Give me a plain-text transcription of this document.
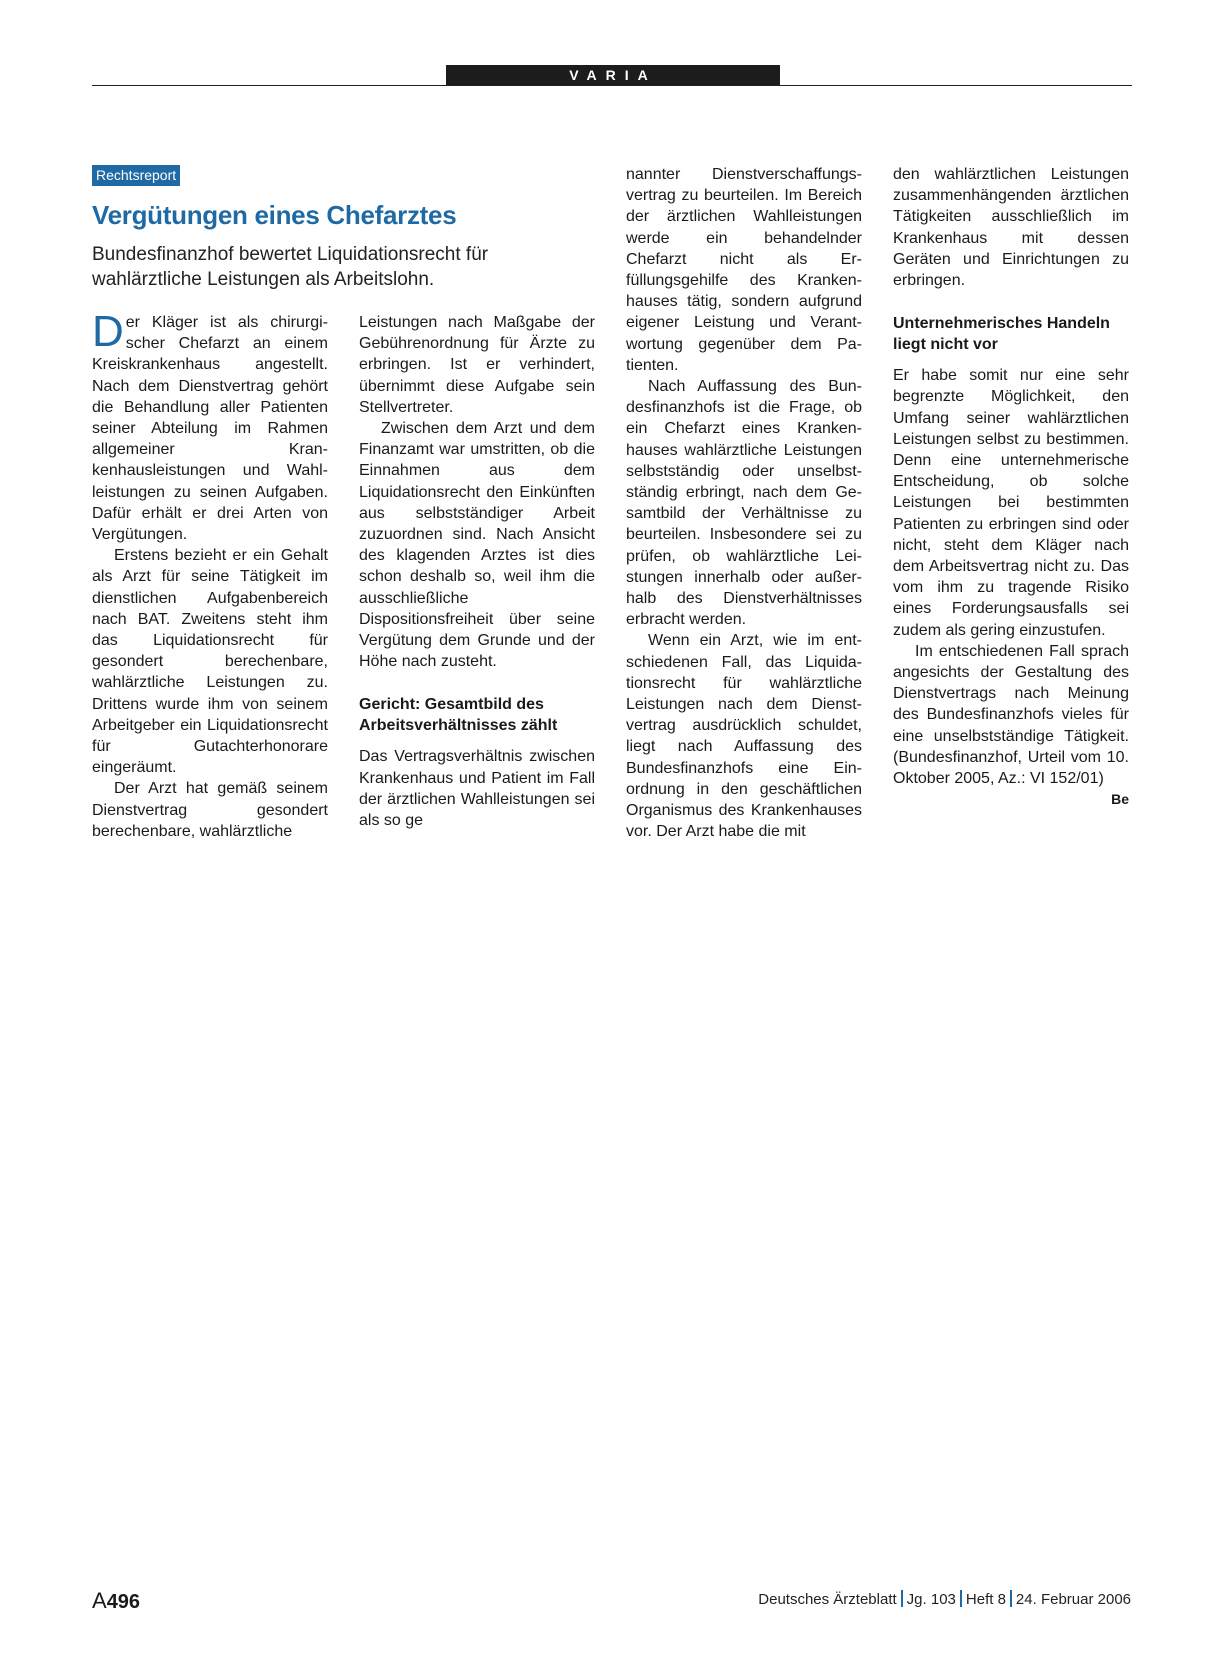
VARIA
Rechtsreport
Vergütungen eines Chefarztes

Bundesfinanzhof bewertet Liquidationsrecht für wahlärztliche Leistungen als Arbeitslohn.

Der Kläger ist als chirurgischer Chefarzt an einem Kreiskrankenhaus angestellt. Nach dem Dienstvertrag gehört die Behandlung aller Patienten seiner Abteilung im Rahmen allgemeiner Krankenhausleistungen und Wahlleistungen zu seinen Aufgaben. Dafür erhält er drei Arten von Vergütungen.

Erstens bezieht er ein Gehalt als Arzt für seine Tätigkeit im dienstlichen Aufgabenbereich nach BAT. Zweitens steht ihm das Liquidationsrecht für gesondert berechenbare, wahlärztliche Leistungen zu. Drittens wurde ihm von seinem Arbeitgeber ein Liquidationsrecht für Gutachterhonorare eingeräumt.

Der Arzt hat gemäß seinem Dienstvertrag gesondert berechenbare, wahlärztliche

Leistungen nach Maßgabe der Gebührenordnung für Ärzte zu erbringen. Ist er verhindert, übernimmt diese Aufgabe sein Stellvertreter.

Zwischen dem Arzt und dem Finanzamt war umstritten, ob die Einnahmen aus dem Liquidationsrecht den Einkünften aus selbstständiger Arbeit zuzuordnen sind. Nach Ansicht des klagenden Arztes ist dies schon deshalb so, weil ihm die ausschließliche Dispositionsfreiheit über seine Vergütung dem Grunde und der Höhe nach zusteht.

Gericht: Gesamtbild des Arbeitsverhältnisses zählt

Das Vertragsverhältnis zwischen Krankenhaus und Patient im Fall der ärztlichen Wahlleistungen sei als so ge

nannter Dienstverschaffungsvertrag zu beurteilen. Im Bereich der ärztlichen Wahlleistungen werde ein behandelnder Chefarzt nicht als Erfüllungsgehilfe des Krankenhauses tätig, sondern aufgrund eigener Leistung und Verantwortung gegenüber dem Patienten.

Nach Auffassung des Bundesfinanzhofs ist die Frage, ob ein Chefarzt eines Krankenhauses wahlärztliche Leistungen selbstständig oder unselbstständig erbringt, nach dem Gesamtbild der Verhältnisse zu beurteilen. Insbesondere sei zu prüfen, ob wahlärztliche Leistungen innerhalb oder außerhalb des Dienstverhältnisses erbracht werden.

Wenn ein Arzt, wie im entschiedenen Fall, das Liquidationsrecht für wahlärztliche Leistungen nach dem Dienstvertrag ausdrücklich schuldet, liegt nach Auffassung des Bundesfinanzhofs eine Einordnung in den geschäftlichen Organismus des Krankenhauses vor. Der Arzt habe die mit

den wahlärztlichen Leistungen zusammenhängenden ärztlichen Tätigkeiten ausschließlich im Krankenhaus mit dessen Geräten und Einrichtungen zu erbringen.

Unternehmerisches Handeln liegt nicht vor

Er habe somit nur eine sehr begrenzte Möglichkeit, den Umfang seiner wahlärztlichen Leistungen selbst zu bestimmen. Denn eine unternehmerische Entscheidung, ob solche Leistungen bei bestimmten Patienten zu erbringen sind oder nicht, steht dem Kläger nach dem Arbeitsvertrag nicht zu. Das vom ihm zu tragende Risiko eines Forderungsausfalls sei zudem als gering einzustufen.

Im entschiedenen Fall sprach angesichts der Gestaltung des Dienstvertrags nach Meinung des Bundesfinanzhofs vieles für eine unselbstständige Tätigkeit. (Bundesfinanzhof, Urteil vom 10. Oktober 2005, Az.: VI 152/01)
Be

A496	Deutsches Ärzteblatt Jg. 103 Heft 8 24. Februar 2006
